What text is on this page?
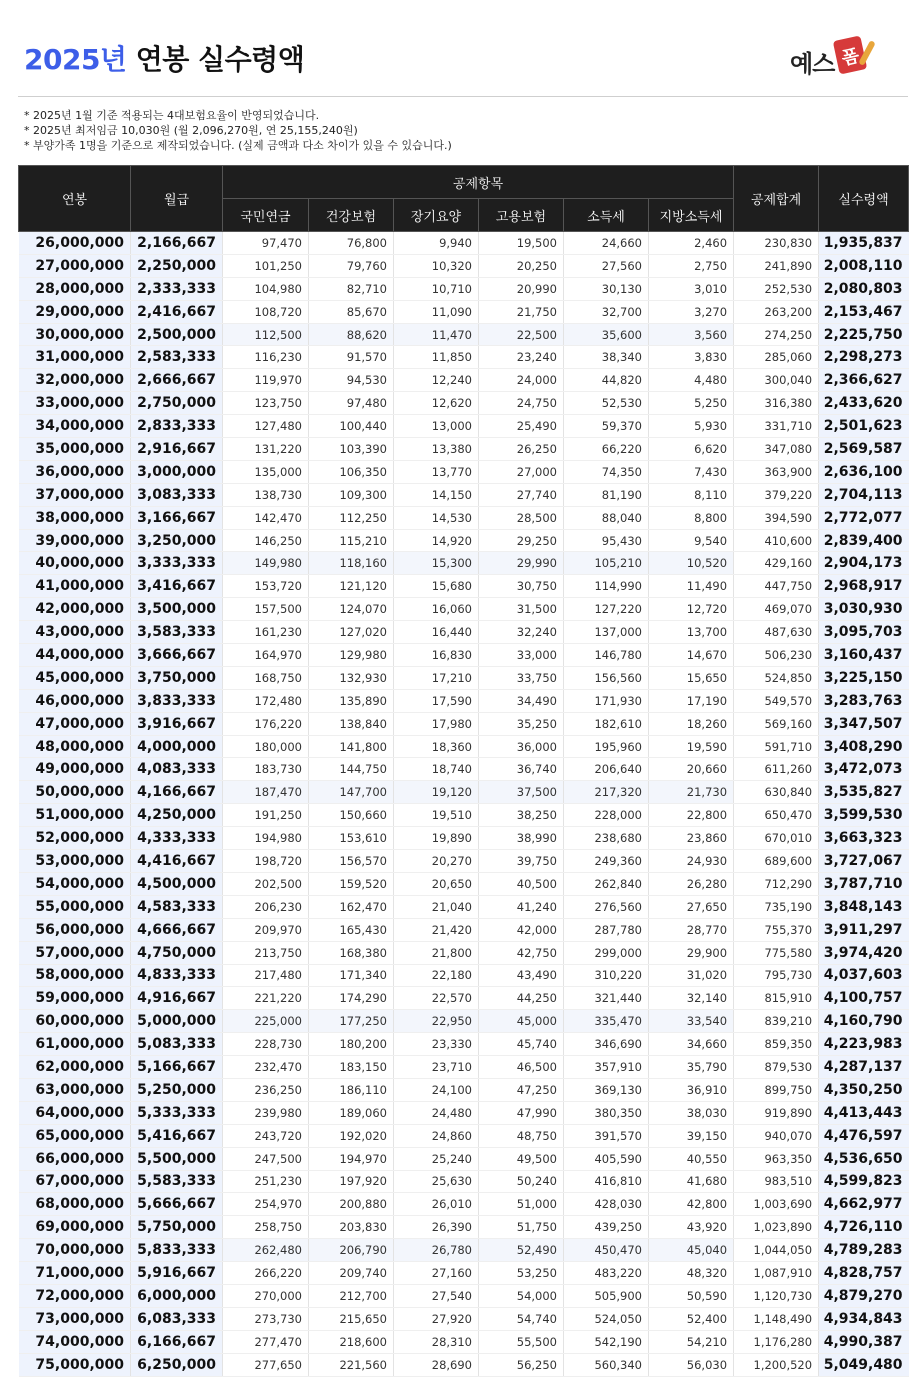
2025년 연봉 실수령액	예스 폼
* 2025년 1월 기준 적용되는 4대보험요율이 반영되었습니다.
* 2025년 최저임금 10,030원 (월 2,096,270원, 연 25,155,240원)
* 부양가족 1명을 기준으로 제작되었습니다. (실제 금액과 다소 차이가 있을 수 있습니다.)
연봉	월급	공제항목						공제합계	실수령액
		국민연금	건강보험	장기요양	고용보험	소득세	지방소득세		
26,000,000	2,166,667	97,470	76,800	9,940	19,500	24,660	2,460	230,830	1,935,837
27,000,000	2,250,000	101,250	79,760	10,320	20,250	27,560	2,750	241,890	2,008,110
28,000,000	2,333,333	104,980	82,710	10,710	20,990	30,130	3,010	252,530	2,080,803
29,000,000	2,416,667	108,720	85,670	11,090	21,750	32,700	3,270	263,200	2,153,467
30,000,000	2,500,000	112,500	88,620	11,470	22,500	35,600	3,560	274,250	2,225,750
31,000,000	2,583,333	116,230	91,570	11,850	23,240	38,340	3,830	285,060	2,298,273
32,000,000	2,666,667	119,970	94,530	12,240	24,000	44,820	4,480	300,040	2,366,627
33,000,000	2,750,000	123,750	97,480	12,620	24,750	52,530	5,250	316,380	2,433,620
34,000,000	2,833,333	127,480	100,440	13,000	25,490	59,370	5,930	331,710	2,501,623
35,000,000	2,916,667	131,220	103,390	13,380	26,250	66,220	6,620	347,080	2,569,587
36,000,000	3,000,000	135,000	106,350	13,770	27,000	74,350	7,430	363,900	2,636,100
37,000,000	3,083,333	138,730	109,300	14,150	27,740	81,190	8,110	379,220	2,704,113
38,000,000	3,166,667	142,470	112,250	14,530	28,500	88,040	8,800	394,590	2,772,077
39,000,000	3,250,000	146,250	115,210	14,920	29,250	95,430	9,540	410,600	2,839,400
40,000,000	3,333,333	149,980	118,160	15,300	29,990	105,210	10,520	429,160	2,904,173
41,000,000	3,416,667	153,720	121,120	15,680	30,750	114,990	11,490	447,750	2,968,917
42,000,000	3,500,000	157,500	124,070	16,060	31,500	127,220	12,720	469,070	3,030,930
43,000,000	3,583,333	161,230	127,020	16,440	32,240	137,000	13,700	487,630	3,095,703
44,000,000	3,666,667	164,970	129,980	16,830	33,000	146,780	14,670	506,230	3,160,437
45,000,000	3,750,000	168,750	132,930	17,210	33,750	156,560	15,650	524,850	3,225,150
46,000,000	3,833,333	172,480	135,890	17,590	34,490	171,930	17,190	549,570	3,283,763
47,000,000	3,916,667	176,220	138,840	17,980	35,250	182,610	18,260	569,160	3,347,507
48,000,000	4,000,000	180,000	141,800	18,360	36,000	195,960	19,590	591,710	3,408,290
49,000,000	4,083,333	183,730	144,750	18,740	36,740	206,640	20,660	611,260	3,472,073
50,000,000	4,166,667	187,470	147,700	19,120	37,500	217,320	21,730	630,840	3,535,827
51,000,000	4,250,000	191,250	150,660	19,510	38,250	228,000	22,800	650,470	3,599,530
52,000,000	4,333,333	194,980	153,610	19,890	38,990	238,680	23,860	670,010	3,663,323
53,000,000	4,416,667	198,720	156,570	20,270	39,750	249,360	24,930	689,600	3,727,067
54,000,000	4,500,000	202,500	159,520	20,650	40,500	262,840	26,280	712,290	3,787,710
55,000,000	4,583,333	206,230	162,470	21,040	41,240	276,560	27,650	735,190	3,848,143
56,000,000	4,666,667	209,970	165,430	21,420	42,000	287,780	28,770	755,370	3,911,297
57,000,000	4,750,000	213,750	168,380	21,800	42,750	299,000	29,900	775,580	3,974,420
58,000,000	4,833,333	217,480	171,340	22,180	43,490	310,220	31,020	795,730	4,037,603
59,000,000	4,916,667	221,220	174,290	22,570	44,250	321,440	32,140	815,910	4,100,757
60,000,000	5,000,000	225,000	177,250	22,950	45,000	335,470	33,540	839,210	4,160,790
61,000,000	5,083,333	228,730	180,200	23,330	45,740	346,690	34,660	859,350	4,223,983
62,000,000	5,166,667	232,470	183,150	23,710	46,500	357,910	35,790	879,530	4,287,137
63,000,000	5,250,000	236,250	186,110	24,100	47,250	369,130	36,910	899,750	4,350,250
64,000,000	5,333,333	239,980	189,060	24,480	47,990	380,350	38,030	919,890	4,413,443
65,000,000	5,416,667	243,720	192,020	24,860	48,750	391,570	39,150	940,070	4,476,597
66,000,000	5,500,000	247,500	194,970	25,240	49,500	405,590	40,550	963,350	4,536,650
67,000,000	5,583,333	251,230	197,920	25,630	50,240	416,810	41,680	983,510	4,599,823
68,000,000	5,666,667	254,970	200,880	26,010	51,000	428,030	42,800	1,003,690	4,662,977
69,000,000	5,750,000	258,750	203,830	26,390	51,750	439,250	43,920	1,023,890	4,726,110
70,000,000	5,833,333	262,480	206,790	26,780	52,490	450,470	45,040	1,044,050	4,789,283
71,000,000	5,916,667	266,220	209,740	27,160	53,250	483,220	48,320	1,087,910	4,828,757
72,000,000	6,000,000	270,000	212,700	27,540	54,000	505,900	50,590	1,120,730	4,879,270
73,000,000	6,083,333	273,730	215,650	27,920	54,740	524,050	52,400	1,148,490	4,934,843
74,000,000	6,166,667	277,470	218,600	28,310	55,500	542,190	54,210	1,176,280	4,990,387
75,000,000	6,250,000	277,650	221,560	28,690	56,250	560,340	56,030	1,200,520	5,049,480
